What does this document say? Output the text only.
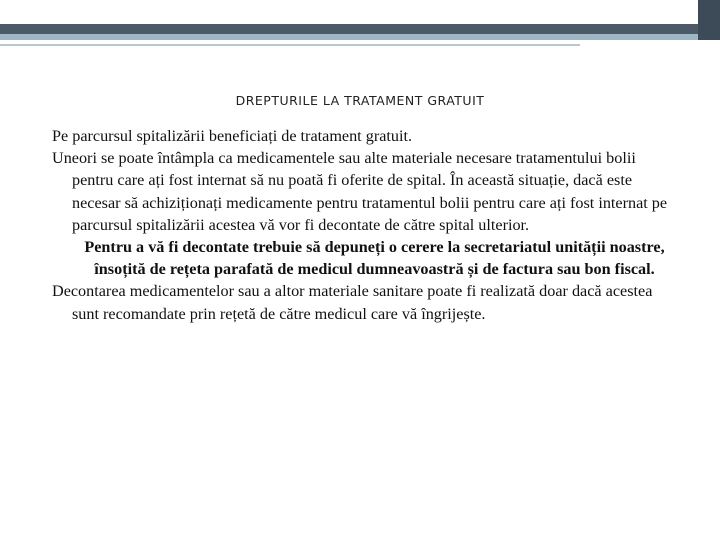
DREPTURILE LA TRATAMENT GRATUIT

Pe parcursul spitalizării beneficiați de tratament gratuit.

Uneori se poate întâmpla ca medicamentele sau alte materiale necesare tratamentului bolii pentru care ați fost internat să nu poată fi oferite de spital. În această situație, dacă este necesar să achiziționați medicamente pentru tratamentul bolii pentru care ați fost internat pe parcursul spitalizării acestea vă vor fi decontate de către spital ulterior.

Pentru a vă fi decontate trebuie să depuneți o cerere la secretariatul unității noastre, însoțită de rețeta parafată de medicul dumneavoastră și de factura sau bon fiscal.

Decontarea medicamentelor sau a altor materiale sanitare poate fi realizată doar dacă acestea sunt recomandate prin rețetă de către medicul care vă îngrijește.
